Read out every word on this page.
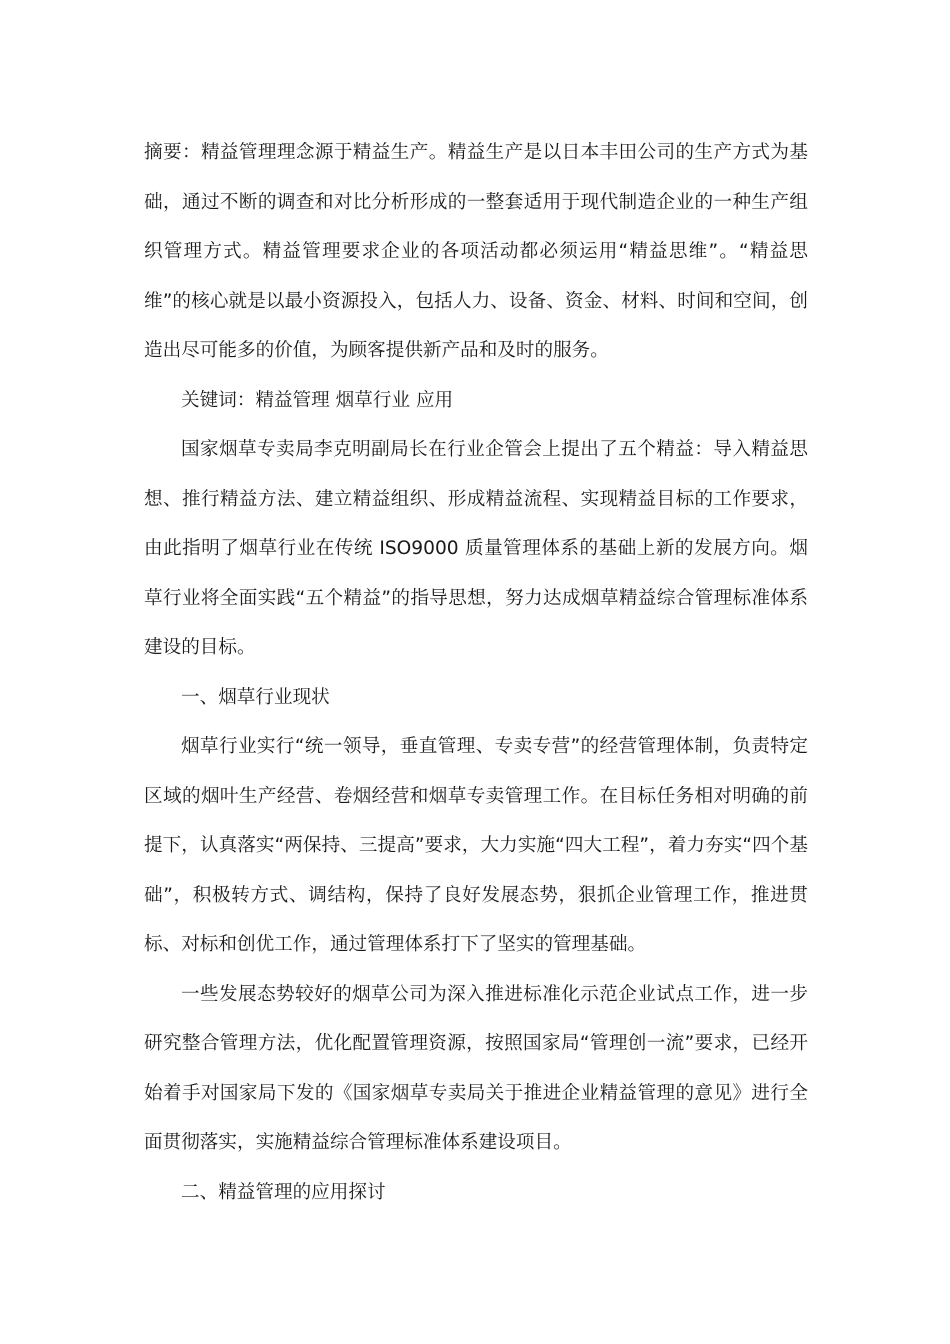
摘要：精益管理理念源于精益生产。精益生产是以日本丰田公司的生产方式为基础，通过不断的调查和对比分析形成的一整套适用于现代制造企业的一种生产组织管理方式。精益管理要求企业的各项活动都必须运用“精益思维”。“精益思维”的核心就是以最小资源投入，包括人力、设备、资金、材料、时间和空间，创造出尽可能多的价值，为顾客提供新产品和及时的服务。

关键词：精益管理 烟草行业 应用

国家烟草专卖局李克明副局长在行业企管会上提出了五个精益：导入精益思想、推行精益方法、建立精益组织、形成精益流程、实现精益目标的工作要求，由此指明了烟草行业在传统 ISO9000 质量管理体系的基础上新的发展方向。烟草行业将全面实践“五个精益”的指导思想，努力达成烟草精益综合管理标准体系建设的目标。

一、烟草行业现状

烟草行业实行“统一领导，垂直管理、专卖专营”的经营管理体制，负责特定区域的烟叶生产经营、卷烟经营和烟草专卖管理工作。在目标任务相对明确的前提下，认真落实“两保持、三提高”要求，大力实施“四大工程”，着力夯实“四个基础”，积极转方式、调结构，保持了良好发展态势，狠抓企业管理工作，推进贯标、对标和创优工作，通过管理体系打下了坚实的管理基础。

一些发展态势较好的烟草公司为深入推进标准化示范企业试点工作，进一步研究整合管理方法，优化配置管理资源，按照国家局“管理创一流”要求，已经开始着手对国家局下发的《国家烟草专卖局关于推进企业精益管理的意见》进行全面贯彻落实，实施精益综合管理标准体系建设项目。

二、精益管理的应用探讨
